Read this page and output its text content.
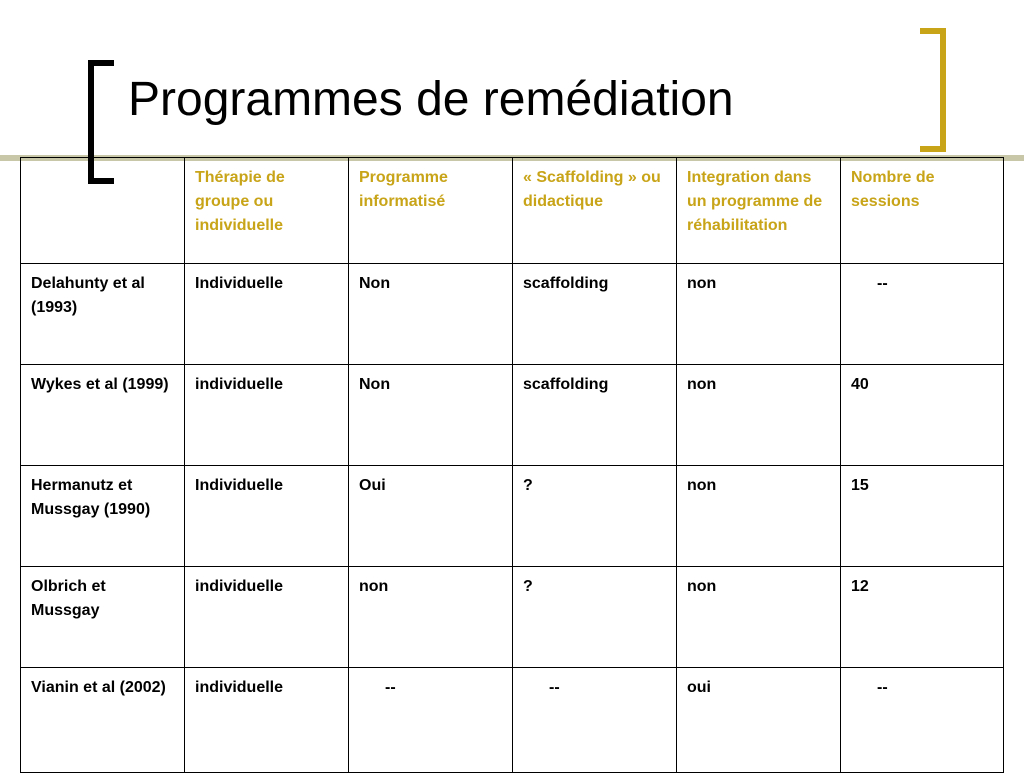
Programmes de remédiation
	Thérapie de groupe ou individuelle	Programme informatisé	« Scaffolding » ou didactique	Integration dans un programme de réhabilitation	Nombre de sessions
Delahunty et al (1993)	Individuelle	Non	scaffolding	non	--
Wykes et al (1999)	individuelle	Non	scaffolding	non	40
Hermanutz et Mussgay (1990)	Individuelle	Oui	?	non	15
Olbrich et Mussgay	individuelle	non	?	non	12
Vianin et al (2002)	individuelle	--	--	oui	--
